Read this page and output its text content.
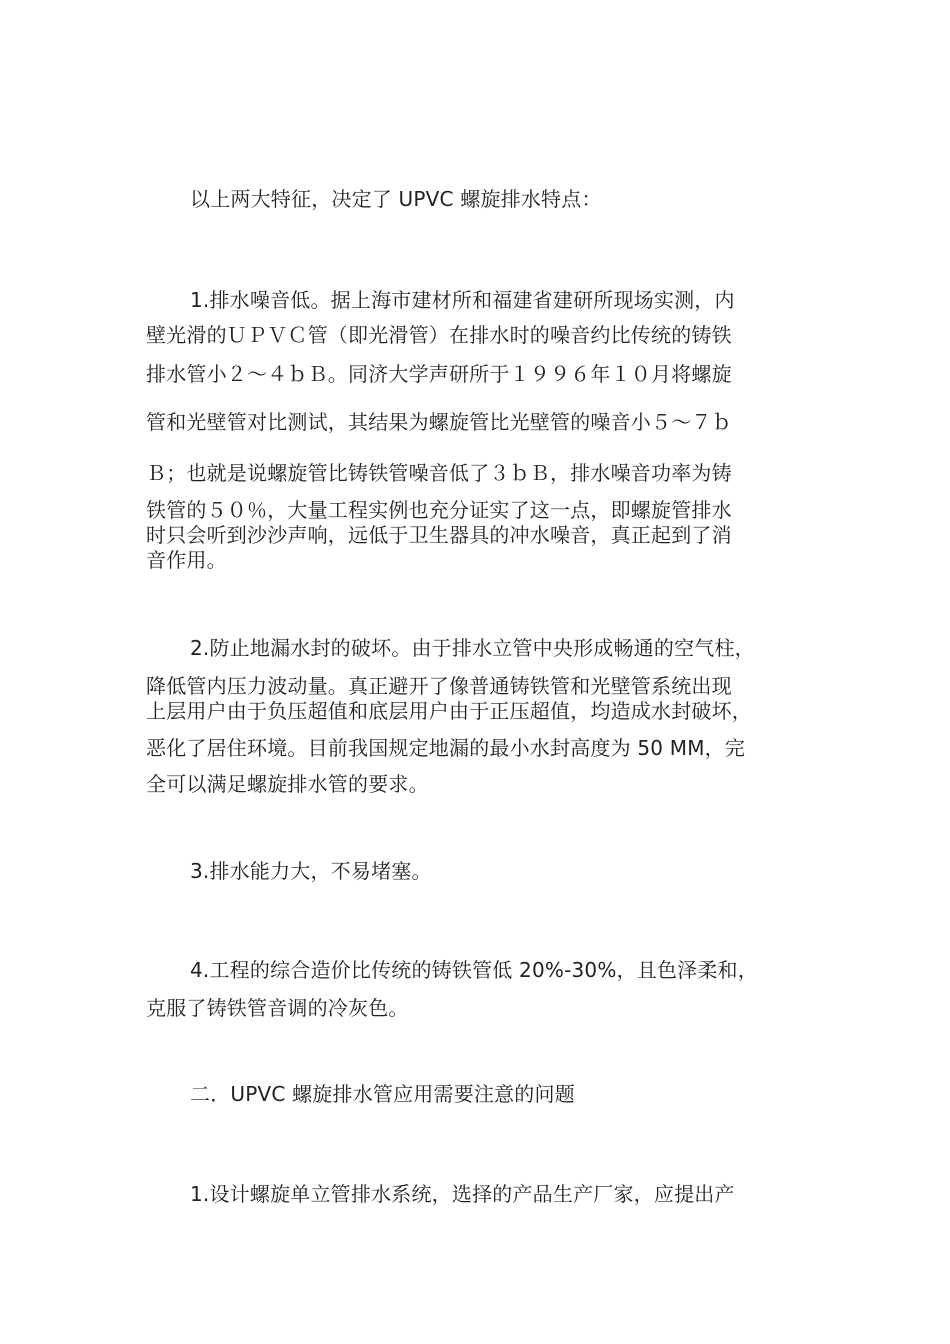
以上两大特征，决定了 UPVC 螺旋排水特点：
1.排水噪音低。据上海市建材所和福建省建研所现场实测，内
壁光滑的ＵＰＶＣ管（即光滑管）在排水时的噪音约比传统的铸铁
排水管小２～４ｂＢ。同济大学声研所于１９９６年１０月将螺旋
管和光壁管对比测试，其结果为螺旋管比光壁管的噪音小５～７ｂ
Ｂ；也就是说螺旋管比铸铁管噪音低了３ｂＢ，排水噪音功率为铸
铁管的５０％，大量工程实例也充分证实了这一点，即螺旋管排水
时只会听到沙沙声响，远低于卫生器具的冲水噪音，真正起到了消
音作用。
2.防止地漏水封的破坏。由于排水立管中央形成畅通的空气柱，
降低管内压力波动量。真正避开了像普通铸铁管和光壁管系统出现
上层用户由于负压超值和底层用户由于正压超值，均造成水封破坏，
恶化了居住环境。目前我国规定地漏的最小水封高度为 50 MM，完
全可以满足螺旋排水管的要求。
3.排水能力大，不易堵塞。
4.工程的综合造价比传统的铸铁管低 20%-30%，且色泽柔和，
克服了铸铁管音调的冷灰色。
二．UPVC 螺旋排水管应用需要注意的问题
1.设计螺旋单立管排水系统，选择的产品生产厂家，应提出产
